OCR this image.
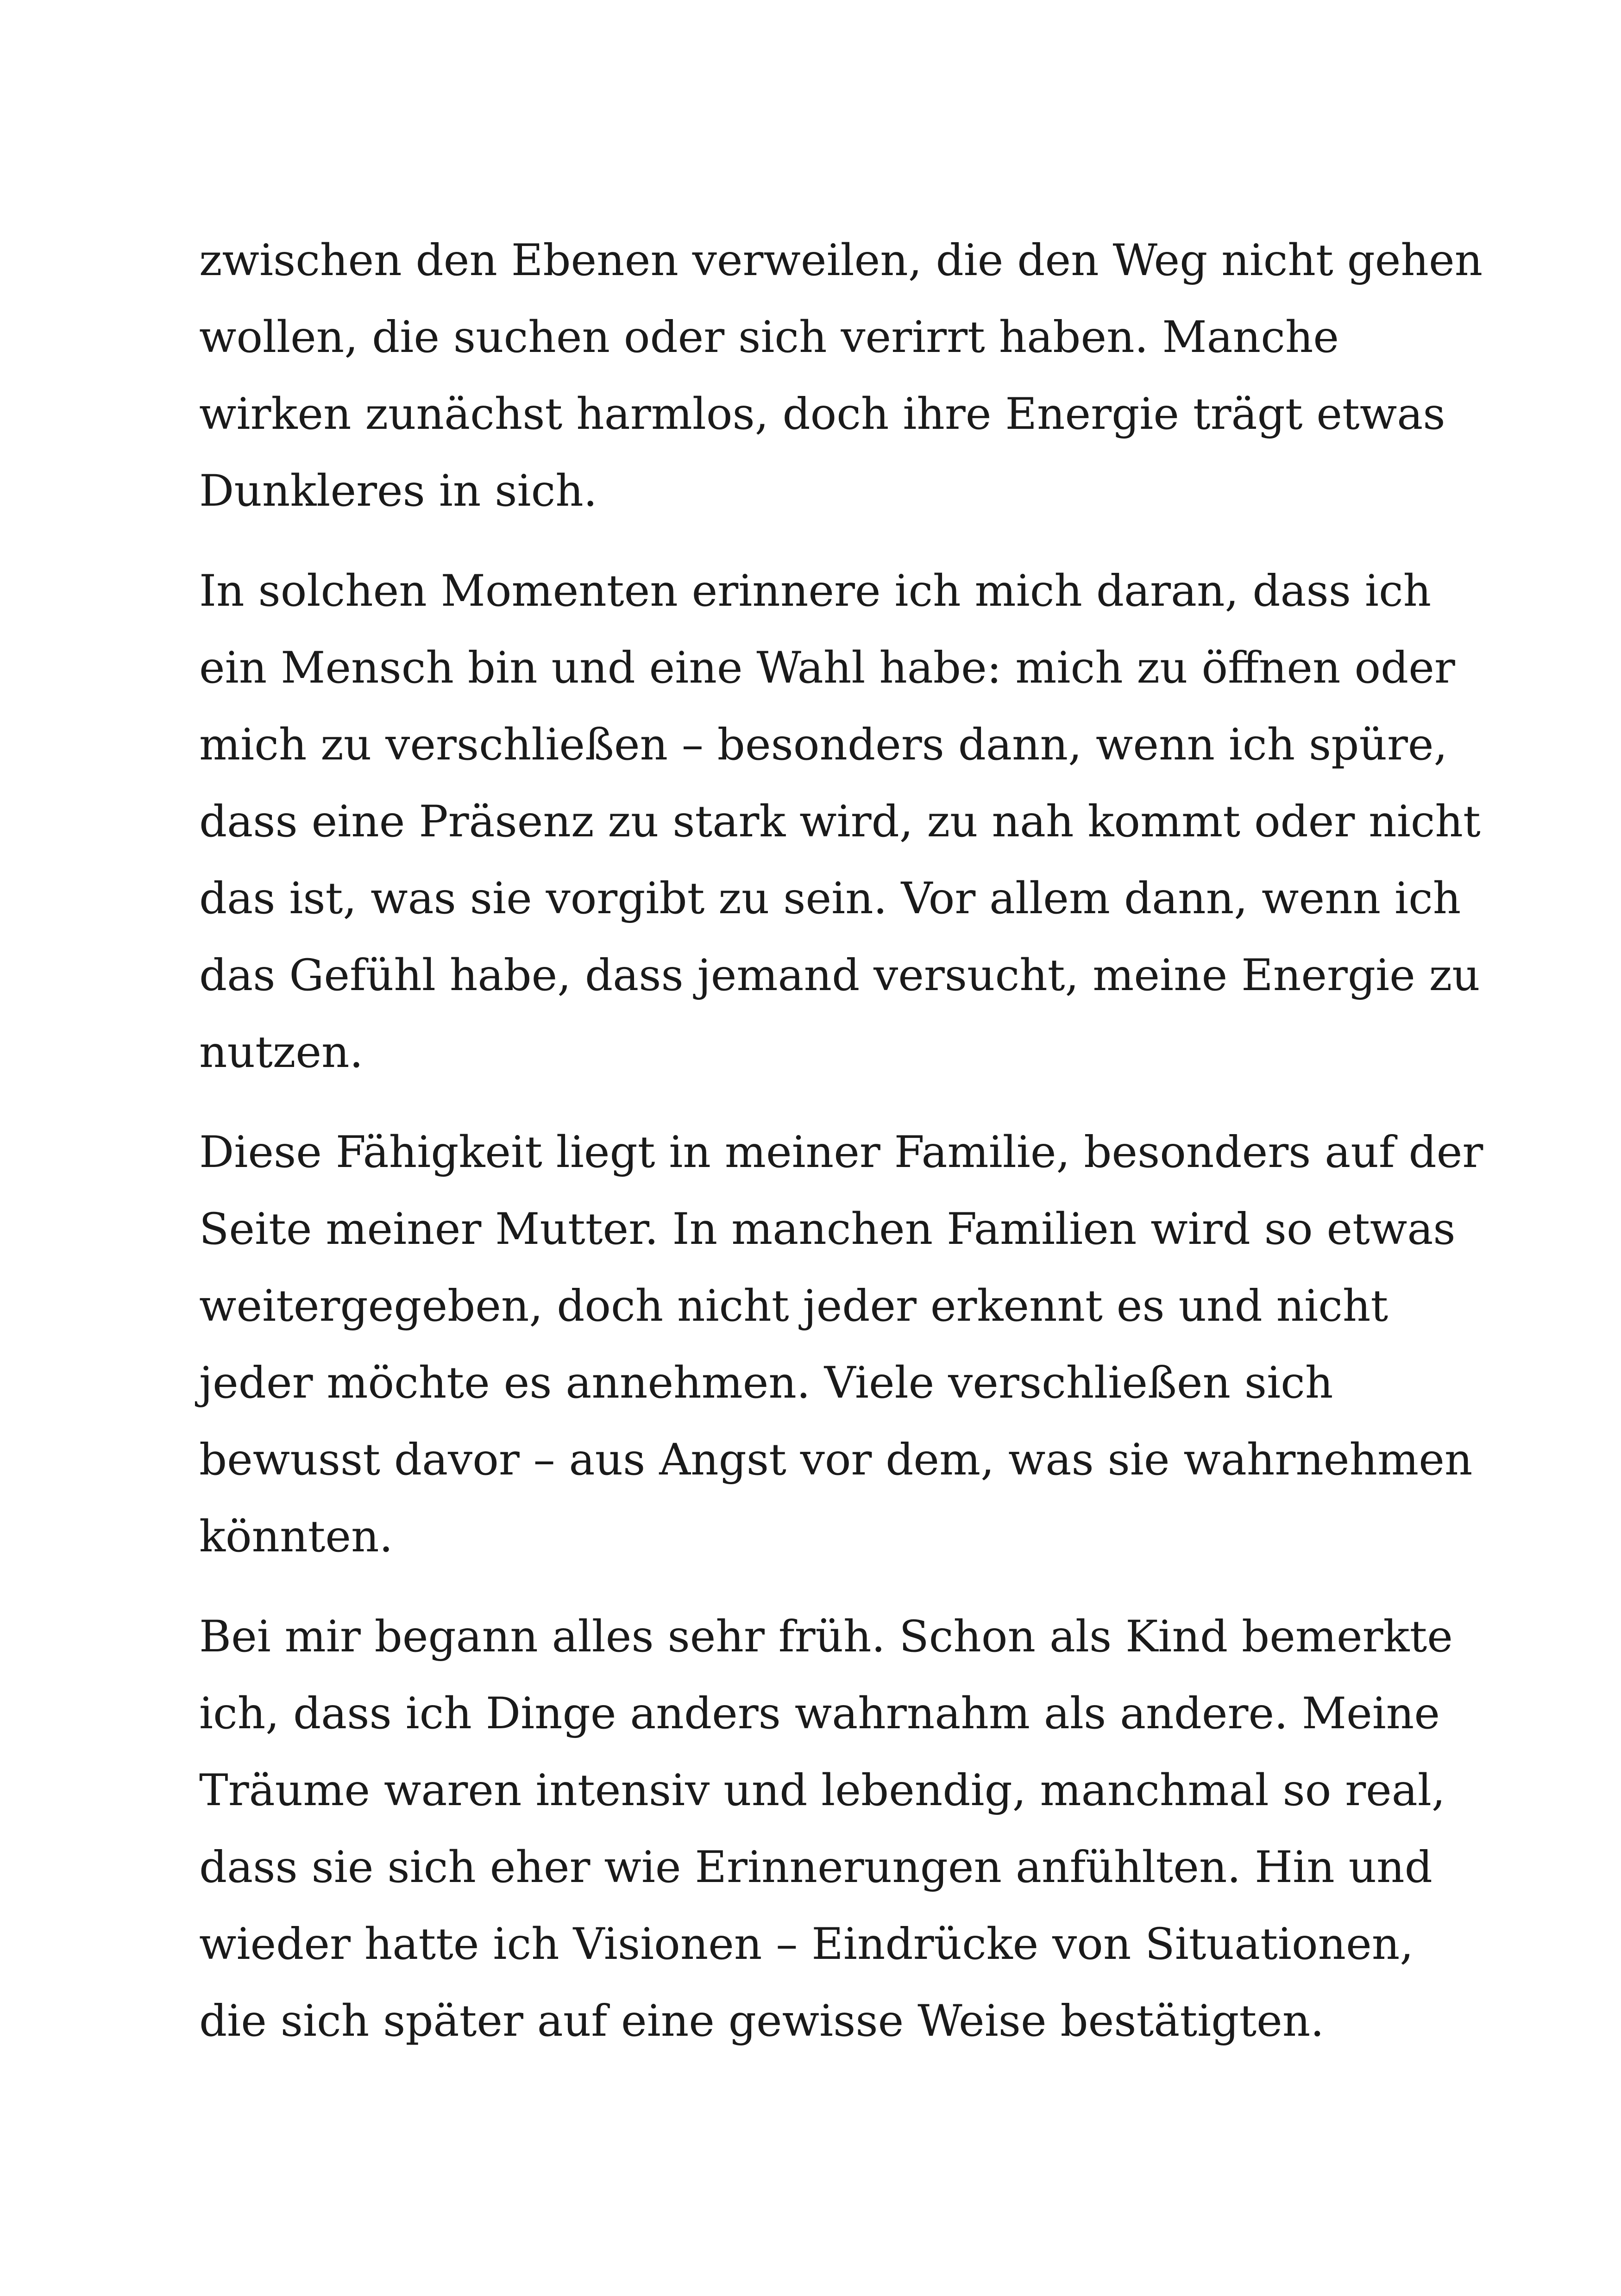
zwischen den Ebenen verweilen, die den Weg nicht gehen
wollen, die suchen oder sich verirrt haben. Manche
wirken zunächst harmlos, doch ihre Energie trägt etwas
Dunkleres in sich.

In solchen Momenten erinnere ich mich daran, dass ich
ein Mensch bin und eine Wahl habe: mich zu öffnen oder
mich zu verschließen – besonders dann, wenn ich spüre,
dass eine Präsenz zu stark wird, zu nah kommt oder nicht
das ist, was sie vorgibt zu sein. Vor allem dann, wenn ich
das Gefühl habe, dass jemand versucht, meine Energie zu
nutzen.

Diese Fähigkeit liegt in meiner Familie, besonders auf der
Seite meiner Mutter. In manchen Familien wird so etwas
weitergegeben, doch nicht jeder erkennt es und nicht
jeder möchte es annehmen. Viele verschließen sich
bewusst davor – aus Angst vor dem, was sie wahrnehmen
könnten.

Bei mir begann alles sehr früh. Schon als Kind bemerkte
ich, dass ich Dinge anders wahrnahm als andere. Meine
Träume waren intensiv und lebendig, manchmal so real,
dass sie sich eher wie Erinnerungen anfühlten. Hin und
wieder hatte ich Visionen – Eindrücke von Situationen,
die sich später auf eine gewisse Weise bestätigten.
